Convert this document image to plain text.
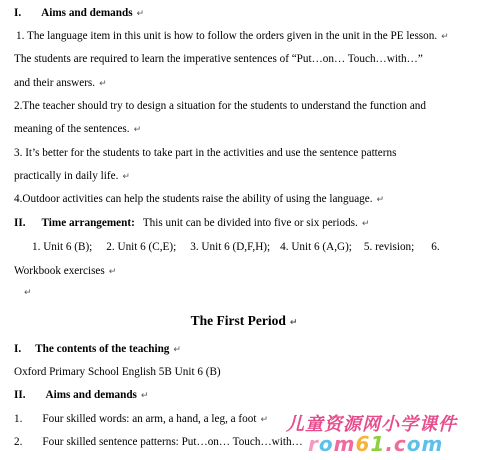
I. Aims and demands ↵
1. The language item in this unit is how to follow the orders given in the unit in the PE lesson. ↵
The students are required to learn the imperative sentences of “Put…on… Touch…with…”
and their answers. ↵
2.The teacher should try to design a situation for the students to understand the function and
meaning of the sentences. ↵
3. It’s better for the students to take part in the activities and use the sentence patterns
practically in daily life. ↵
4.Outdoor activities can help the students raise the ability of using the language. ↵
II. Time arrangement: This unit can be divided into five or six periods. ↵
1. Unit 6 (B); 2. Unit 6 (C,E); 3. Unit 6 (D,F,H); 4. Unit 6 (A,G); 5. revision; 6.
Workbook exercises ↵
↵
The First Period ↵
I. The contents of the teaching ↵
Oxford Primary School English 5B Unit 6 (B)
II. Aims and demands ↵
1. Four skilled words: an arm, a hand, a leg, a foot ↵
2. Four skilled sentence patterns: Put…on… Touch…with…
儿童资源网小学课件
rom61.com
